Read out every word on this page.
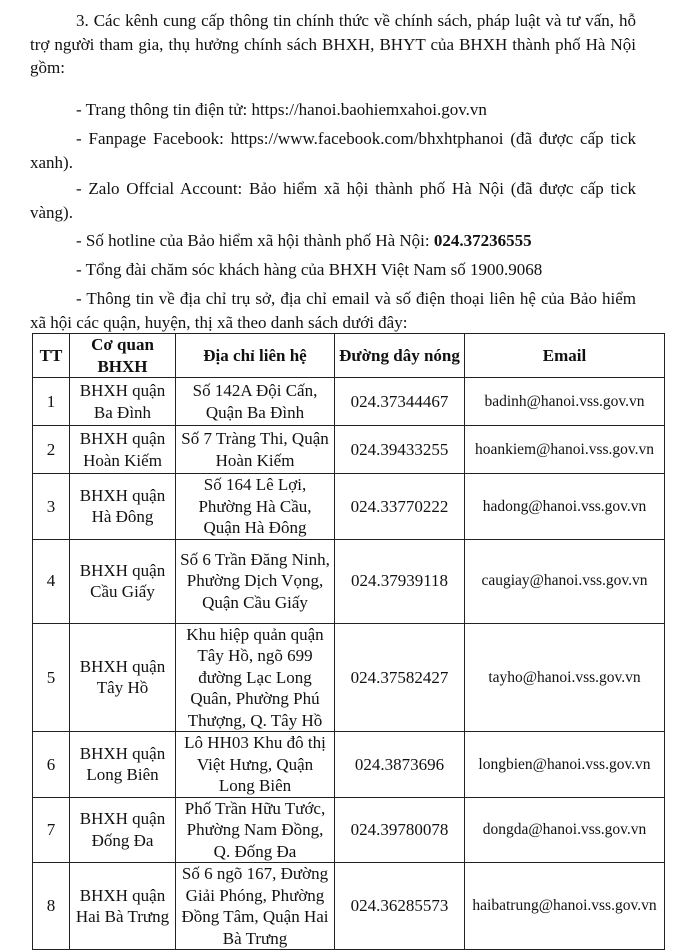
3. Các kênh cung cấp thông tin chính thức về chính sách, pháp luật và tư vấn, hỗ trợ người tham gia, thụ hưởng chính sách BHXH, BHYT của BHXH thành phố Hà Nội gồm:

- Trang thông tin điện tử: https://hanoi.baohiemxahoi.gov.vn

- Fanpage Facebook: https://www.facebook.com/bhxhtphanoi (đã được cấp tick xanh).

- Zalo Offcial Account: Bảo hiểm xã hội thành phố Hà Nội (đã được cấp tick vàng).

- Số hotline của Bảo hiểm xã hội thành phố Hà Nội: 024.37236555

- Tổng đài chăm sóc khách hàng của BHXH Việt Nam số 1900.9068

- Thông tin về địa chỉ trụ sở, địa chỉ email và số điện thoại liên hệ của Bảo hiểm xã hội các quận, huyện, thị xã theo danh sách dưới đây:

TT	Cơ quan BHXH	Địa chỉ liên hệ	Đường dây nóng	Email
1	BHXH quận Ba Đình	Số 142A Đội Cấn, Quận Ba Đình	024.37344467	badinh@hanoi.vss.gov.vn
2	BHXH quận Hoàn Kiếm	Số 7 Tràng Thi, Quận Hoàn Kiếm	024.39433255	hoankiem@hanoi.vss.gov.vn
3	BHXH quận Hà Đông	Số 164 Lê Lợi, Phường Hà Cầu, Quận Hà Đông	024.33770222	hadong@hanoi.vss.gov.vn
4	BHXH quận Cầu Giấy	Số 6 Trần Đăng Ninh, Phường Dịch Vọng, Quận Cầu Giấy	024.37939118	caugiay@hanoi.vss.gov.vn
5	BHXH quận Tây Hồ	Khu hiệp quản quận Tây Hồ, ngõ 699 đường Lạc Long Quân, Phường Phú Thượng, Q. Tây Hồ	024.37582427	tayho@hanoi.vss.gov.vn
6	BHXH quận Long Biên	Lô HH03 Khu đô thị Việt Hưng, Quận Long Biên	024.3873696	longbien@hanoi.vss.gov.vn
7	BHXH quận Đống Đa	Phố Trần Hữu Tước, Phường Nam Đồng, Q. Đống Đa	024.39780078	dongda@hanoi.vss.gov.vn
8	BHXH quận Hai Bà Trưng	Số 6 ngõ 167, Đường Giải Phóng, Phường Đồng Tâm, Quận Hai Bà Trưng	024.36285573	haibatrung@hanoi.vss.gov.vn
